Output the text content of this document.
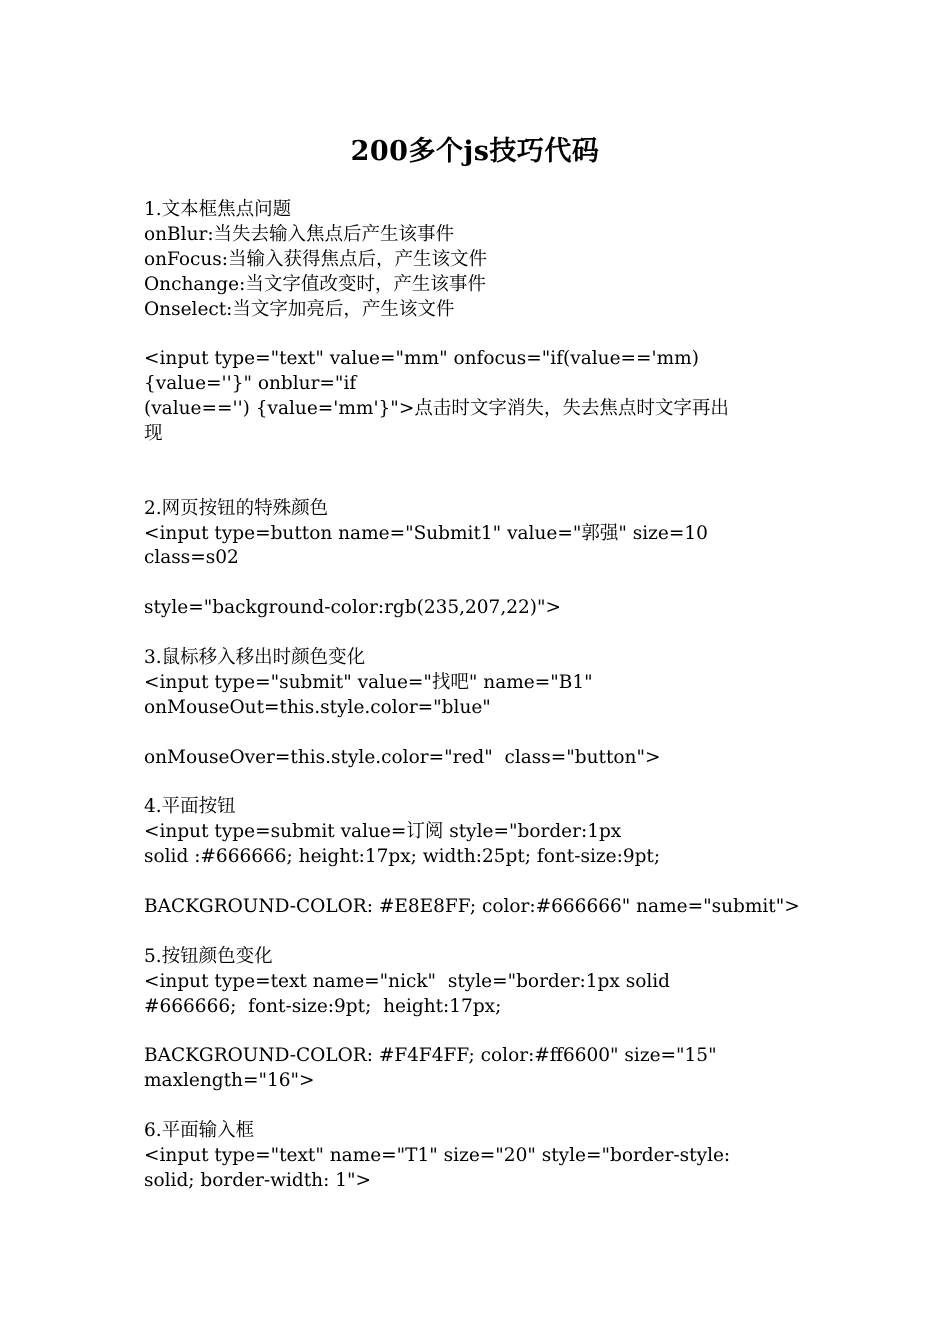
200多个js技巧代码
1.文本框焦点问题
onBlur:当失去输入焦点后产生该事件
onFocus:当输入获得焦点后，产生该文件
Onchange:当文字值改变时，产生该事件
Onselect:当文字加亮后，产生该文件
<input type="text" value="mm" onfocus="if(value=='mm)
{value=''}" onblur="if
(value=='') {value='mm'}">点击时文字消失，失去焦点时文字再出
现
2.网页按钮的特殊颜色
<input type=button name="Submit1" value="郭强" size=10
class=s02
style="background-color:rgb(235,207,22)">
3.鼠标移入移出时颜色变化
<input type="submit" value="找吧" name="B1"
onMouseOut=this.style.color="blue"
onMouseOver=this.style.color="red"  class="button">
4.平面按钮
<input type=submit value=订阅 style="border:1px
solid :#666666; height:17px; width:25pt; font-size:9pt;
BACKGROUND-COLOR: #E8E8FF; color:#666666" name="submit">
5.按钮颜色变化
<input type=text name="nick"  style="border:1px solid
#666666;  font-size:9pt;  height:17px;
BACKGROUND-COLOR: #F4F4FF; color:#ff6600" size="15"
maxlength="16">
6.平面输入框
<input type="text" name="T1" size="20" style="border-style:
solid; border-width: 1">
